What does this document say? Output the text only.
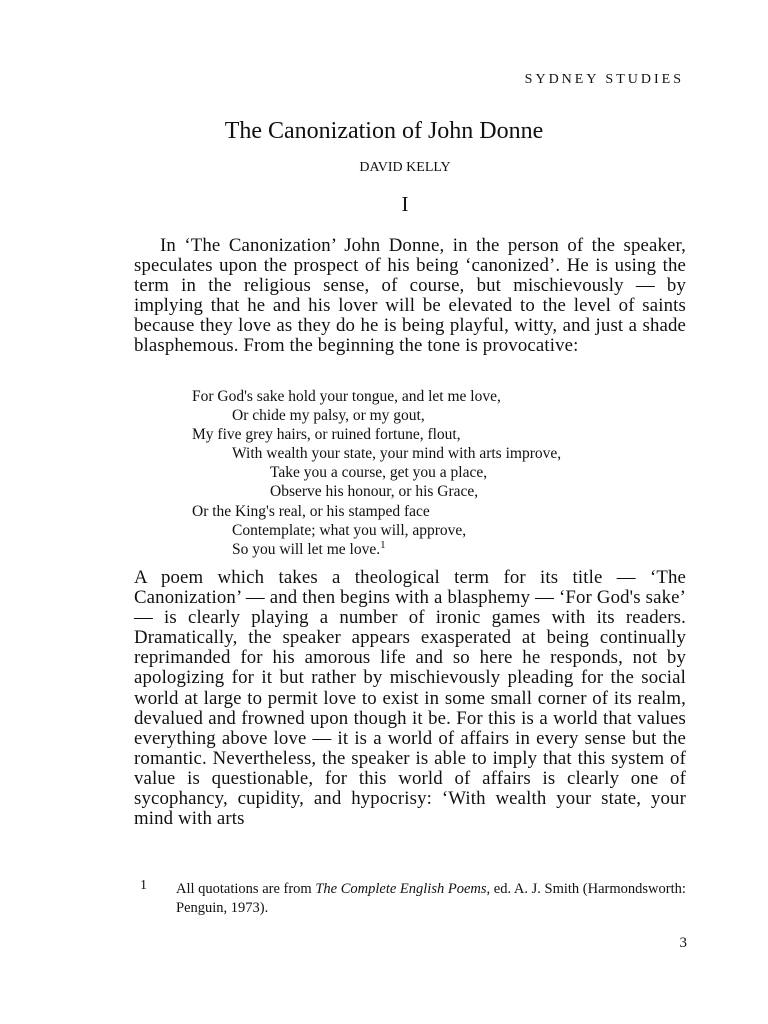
SYDNEY STUDIES
The Canonization of John Donne
DAVID KELLY
I

In ‘The Canonization’ John Donne, in the person of the speaker, speculates upon the prospect of his being ‘canonized’. He is using the term in the religious sense, of course, but mischievously — by implying that he and his lover will be elevated to the level of saints because they love as they do he is being playful, witty, and just a shade blasphemous. From the beginning the tone is provocative:

For God's sake hold your tongue, and let me love,
Or chide my palsy, or my gout,
My five grey hairs, or ruined fortune, flout,
With wealth your state, your mind with arts improve,
Take you a course, get you a place,
Observe his honour, or his Grace,
Or the King's real, or his stamped face
Contemplate; what you will, approve,
So you will let me love.$^1$

A poem which takes a theological term for its title — ‘The Canonization’ — and then begins with a blasphemy — ‘For God's sake’ — is clearly playing a number of ironic games with its readers. Dramatically, the speaker appears exasperated at being continually reprimanded for his amorous life and so here he responds, not by apologizing for it but rather by mischievously pleading for the social world at large to permit love to exist in some small corner of its realm, devalued and frowned upon though it be. For this is a world that values everything above love — it is a world of affairs in every sense but the romantic. Nevertheless, the speaker is able to imply that this system of value is questionable, for this world of affairs is clearly one of sycophancy, cupidity, and hypocrisy: ‘With wealth your state, your mind with arts

1 All quotations are from The Complete English Poems, ed. A. J. Smith (Harmondsworth: Penguin, 1973).
3
